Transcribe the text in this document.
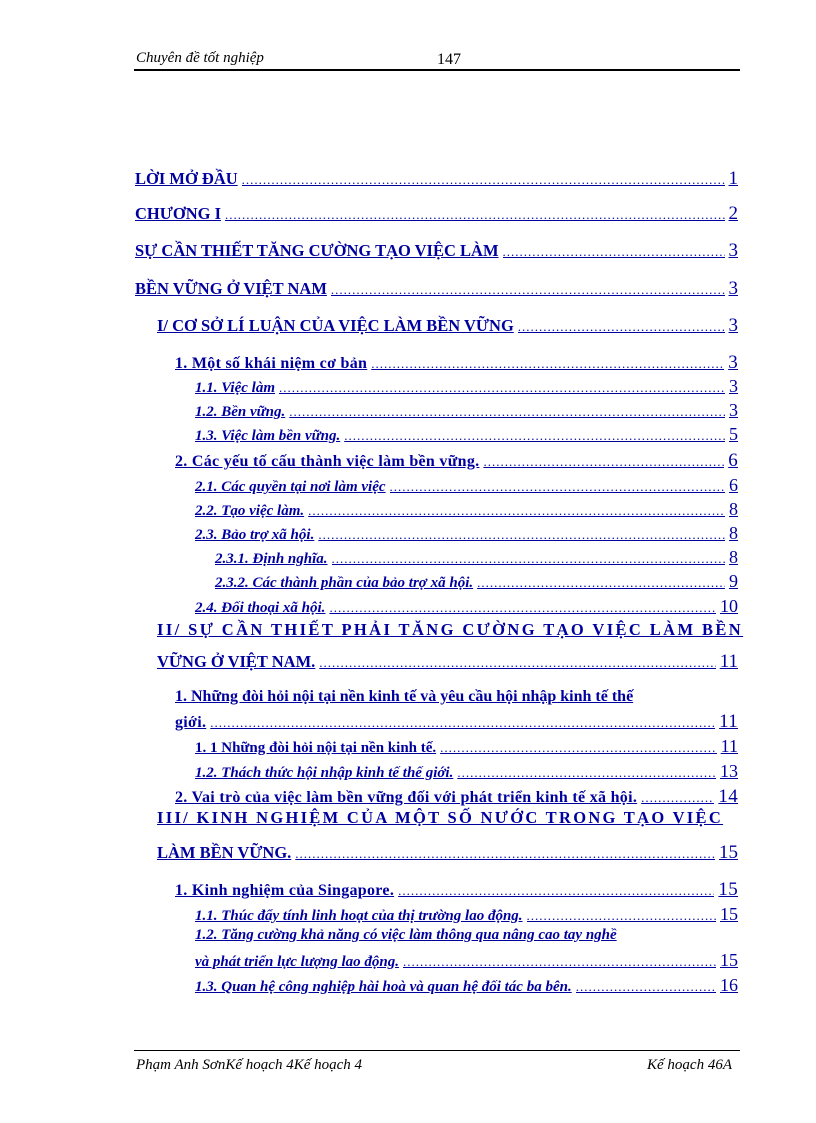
Chuyên đề tốt nghiệp	147
LỜI MỞ ĐẦU .....	1
CHƯƠNG I .....	2
SỰ CẦN THIẾT TĂNG CƯỜNG TẠO VIỆC LÀM .....	3
BỀN VỮNG Ở VIỆT NAM .....	3
I/ CƠ SỞ LÍ LUẬN CỦA VIỆC LÀM BỀN VỮNG .....	3
1. Một số khái niệm cơ bản .....	3
1.1. Việc làm .....	3
1.2. Bền vững. .....	3
1.3. Việc làm bền vững. .....	5
2. Các yếu tố cấu thành việc làm bền vững. .....	6
2.1. Các quyền tại nơi làm việc .....	6
2.2. Tạo việc làm. .....	8
2.3. Bảo trợ xã hội. .....	8
2.3.1. Định nghĩa. .....	8
2.3.2. Các thành phần của bảo trợ xã hội. .....	9
2.4. Đối thoại xã hội. .....	10
II/ SỰ CẦN THIẾT PHẢI TĂNG CƯỜNG TẠO VIỆC LÀM BỀN
VỮNG Ở VIỆT NAM. .....	11
1. Những đòi hỏi nội tại nền kinh tế và yêu cầu hội nhập kinh tế thế
giới. .....	11
1. 1 Những đòi hỏi nội tại nền kinh tế. .....	11
1.2. Thách thức hội nhập kinh tế thế giới. .....	13
2. Vai trò của việc làm bền vững đối với phát triển kinh tế xã hội. .....	14
III/ KINH NGHIỆM CỦA MỘT SỐ NƯỚC TRONG TẠO VIỆC
LÀM BỀN VỮNG. .....	15
1. Kinh nghiệm của Singapore. .....	15
1.1. Thúc đẩy tính linh hoạt của thị trường lao động. .....	15
1.2. Tăng cường khả năng có việc làm thông qua nâng cao tay nghề
và phát triển lực lượng lao động. .....	15
1.3. Quan hệ công nghiệp hài hoà và quan hệ đối tác ba bên. .....	16
Phạm Anh SơnKế hoạch 4Kế hoạch 4	Kế hoạch 46A
